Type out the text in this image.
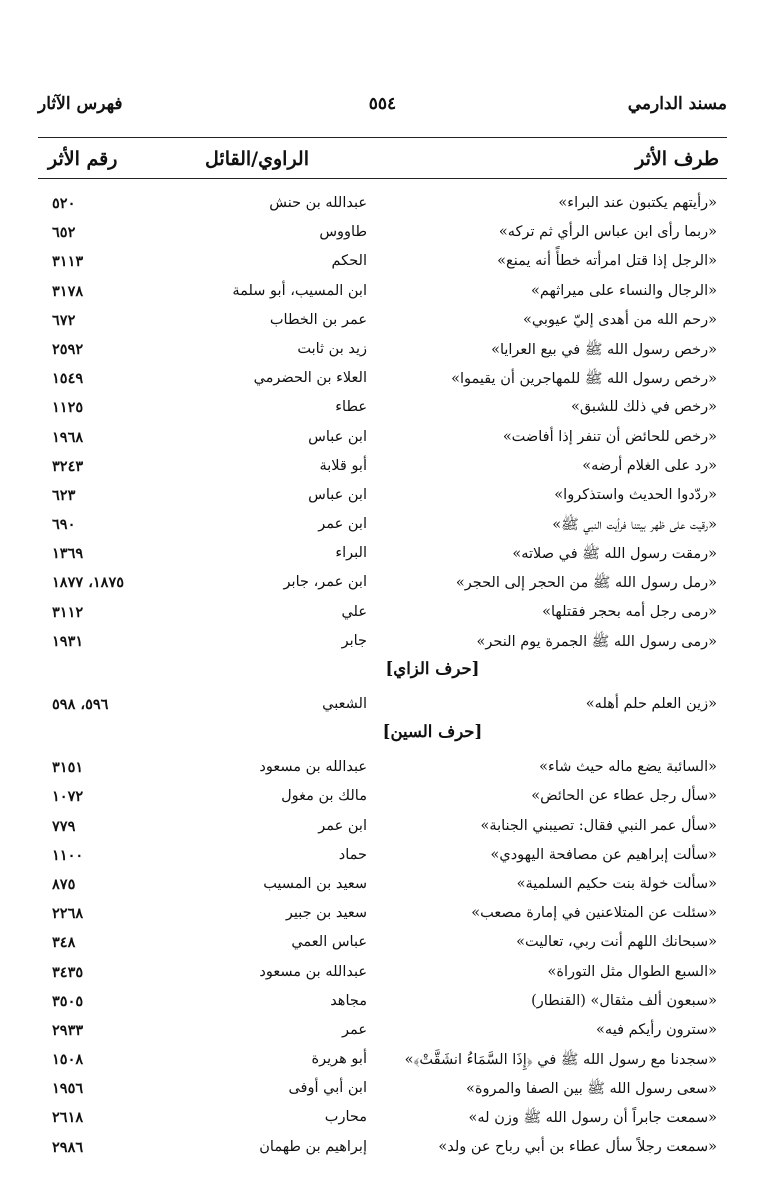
مسند الدارمي
٥٥٤
فهرس الآثار
طرف الأثر
الراوي/القائل
رقم الأثر
«رأيتهم يكتبون عند البراء»
عبدالله بن حنش
٥٢٠
«ربما رأى ابن عباس الرأي ثم تركه»
طاووس
٦٥٢
«الرجل إذا قتل امرأته خطأً أنه يمنع»
الحكم
٣١١٣
«الرجال والنساء على ميراثهم»
ابن المسيب، أبو سلمة
٣١٧٨
«رحم الله من أهدى إليّ عيوبي»
عمر بن الخطاب
٦٧٢
«رخص رسول الله ﷺ في بيع العرايا»
زيد بن ثابت
٢٥٩٢
«رخص رسول الله ﷺ للمهاجرين أن يقيموا»
العلاء بن الحضرمي
١٥٤٩
«رخص في ذلك للشبق»
عطاء
١١٢٥
«رخص للحائض أن تنفر إذا أفاضت»
ابن عباس
١٩٦٨
«رد على الغلام أرضه»
أبو قلابة
٣٢٤٣
«ردّدوا الحديث واستذكروا»
ابن عباس
٦٢٣
«رقيت على ظهر بيتنا فرأيت النبي ﷺ»
ابن عمر
٦٩٠
«رمقت رسول الله ﷺ في صلاته»
البراء
١٣٦٩
«رمل رسول الله ﷺ من الحجر إلى الحجر»
ابن عمر، جابر
١٨٧٥، ١٨٧٧
«رمى رجل أمه بحجر فقتلها»
علي
٣١١٢
«رمى رسول الله ﷺ الجمرة يوم النحر»
جابر
١٩٣١
[حرف الزاي]
«زين العلم حلم أهله»
الشعبي
٥٩٦، ٥٩٨
[حرف السين]
«السائبة يضع ماله حيث شاء»
عبدالله بن مسعود
٣١٥١
«سأل رجل عطاء عن الحائض»
مالك بن مغول
١٠٧٢
«سأل عمر النبي فقال: تصيبني الجنابة»
ابن عمر
٧٧٩
«سألت إبراهيم عن مصافحة اليهودي»
حماد
١١٠٠
«سألت خولة بنت حكيم السلمية»
سعيد بن المسيب
٨٧٥
«سئلت عن المتلاعنين في إمارة مصعب»
سعيد بن جبير
٢٢٦٨
«سبحانك اللهم أنت ربي، تعاليت»
عباس العمي
٣٤٨
«السبع الطوال مثل التوراة»
عبدالله بن مسعود
٣٤٣٥
«سبعون ألف مثقال» (القنطار)
مجاهد
٣٥٠٥
«سترون رأيكم فيه»
عمر
٢٩٣٣
«سجدنا مع رسول الله ﷺ في ﴿إِذَا السَّمَاءُ انشَقَّتْ﴾»
أبو هريرة
١٥٠٨
«سعى رسول الله ﷺ بين الصفا والمروة»
ابن أبي أوفى
١٩٥٦
«سمعت جابراً أن رسول الله ﷺ وزن له»
محارب
٢٦١٨
«سمعت رجلاً سأل عطاء بن أبي رباح عن ولد»
إبراهيم بن طهمان
٢٩٨٦
